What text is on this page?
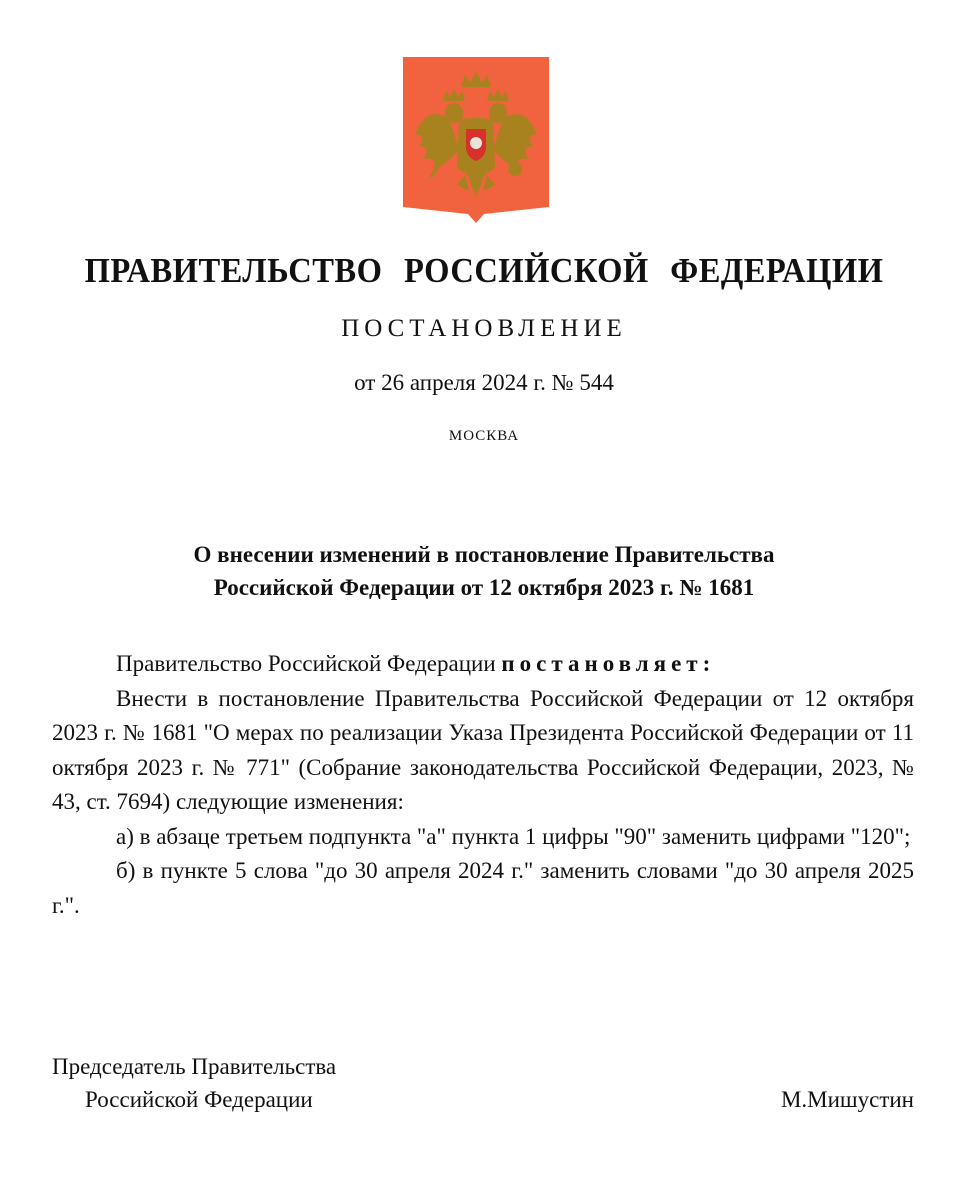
ПРАВИТЕЛЬСТВО РОССИЙСКОЙ ФЕДЕРАЦИИ
ПОСТАНОВЛЕНИЕ
от 26 апреля 2024 г. № 544
МОСКВА
О внесении изменений в постановление Правительства
Российской Федерации от 12 октября 2023 г. № 1681

Правительство Российской Федерации постановляет:

Внести в постановление Правительства Российской Федерации от 12 октября 2023 г. № 1681 "О мерах по реализации Указа Президента Российской Федерации от 11 октября 2023 г. № 771" (Собрание законодательства Российской Федерации, 2023, № 43, ст. 7694) следующие изменения:

а) в абзаце третьем подпункта "а" пункта 1 цифры "90" заменить цифрами "120";

б) в пункте 5 слова "до 30 апреля 2024 г." заменить словами "до 30 апреля 2025 г.".

Председатель Правительства
Российской Федерации	М.Мишустин
